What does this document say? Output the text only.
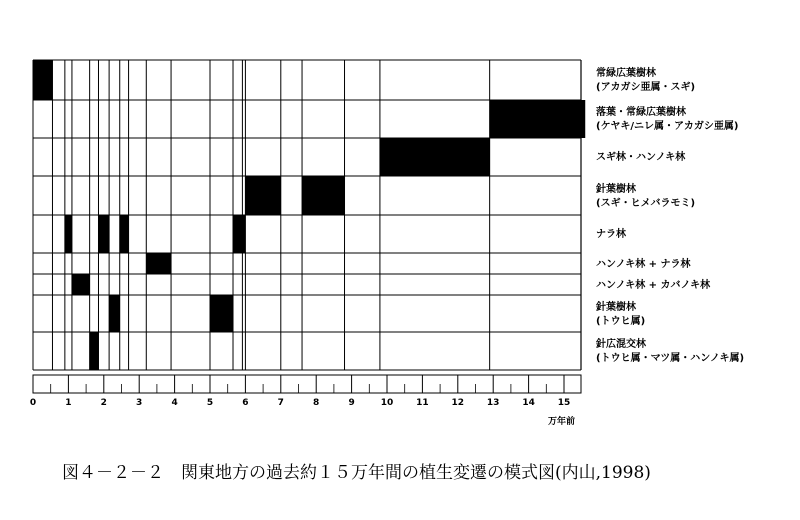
常緑広葉樹林
(アカガシ亜属・スギ)
落葉・常緑広葉樹林
(ケヤキ/ニレ属・アカガシ亜属)
スギ林・ハンノキ林
針葉樹林
(スギ・ヒメバラモミ)
ナラ林
ハンノキ林 + ナラ林
ハンノキ林 + カバノキ林
針葉樹林
(トウヒ属)
針広混交林
(トウヒ属・マツ属・ハンノキ属)
0	1	2	3	4	5	6	7	8	9	10	11	12	13	14	15
万年前
図４－２－２　関東地方の過去約１５万年間の植生変遷の模式図(内山,1998)
